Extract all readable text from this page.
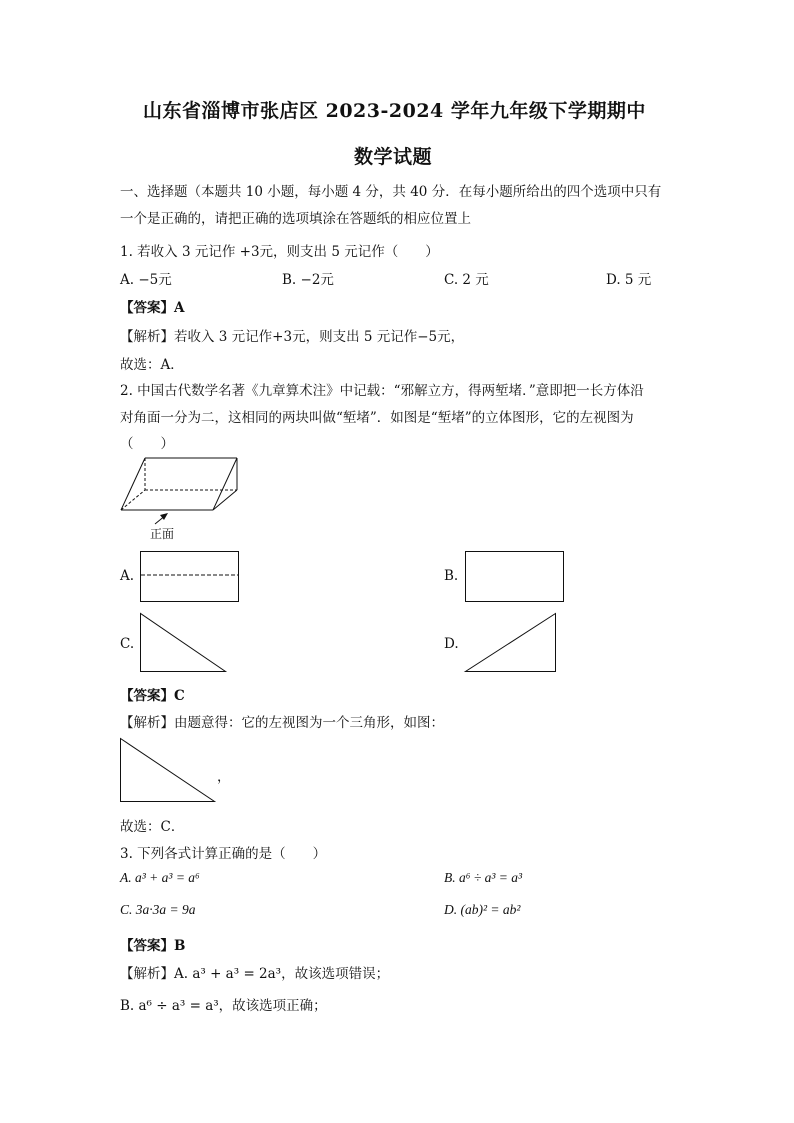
山东省淄博市张店区 2023-2024 学年九年级下学期期中
数学试题
一、选择题（本题共 10 小题，每小题 4 分，共 40 分．在每小题所给出的四个选项中只有
一个是正确的，请把正确的选项填涂在答题纸的相应位置上
1. 若收入 3 元记作 +3元，则支出 5 元记作（　　）
A. −5元	B. −2元	C. 2 元	D. 5 元
【答案】A
【解析】若收入 3 元记作+3元，则支出 5 元记作−5元，
故选：A．
2. 中国古代数学名著《九章算术注》中记载：“邪解立方，得两堑堵．”意即把一长方体沿
对角面一分为二，这相同的两块叫做“堑堵”．如图是“堑堵”的立体图形，它的左视图为
（　　）
正面
A.	B.
C.	D.
【答案】C
【解析】由题意得：它的左视图为一个三角形，如图：
，
故选：C．
3. 下列各式计算正确的是（　　）
A. a³ + a³ = a⁶	B. a⁶ ÷ a³ = a³
C. 3a·3a = 9a	D. (ab)² = ab²
【答案】B
【解析】A. a³ + a³ = 2a³，故该选项错误；
B. a⁶ ÷ a³ = a³，故该选项正确；
